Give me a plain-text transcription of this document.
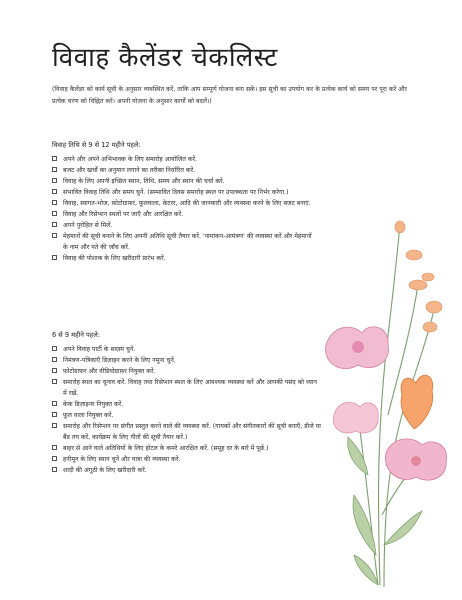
विवाह कैलेंडर चेकलिस्ट
(विवाह कैलेंडर को कार्य सूची के अनुसार व्यवस्थित करें, ताकि आप सम्पूर्ण योजना बना सकें। इस सूची का उपयोग कर के प्रत्येक कार्य को समय पर पूरा करें और प्रत्येक चरण को चिह्नित करें। अपनी योजना के अनुसार कार्यों को बदलें।)
विवाह तिथि से 9 से 12 महीने पहले:
अपने और अपने अभिभावक के लिए समारोह आयोजित करें.
बजट और खर्चों का अनुमान लगाने का तरीका निर्धारित करें.
विवाह के लिए अपनी इच्छित स्थान, तिथि, समय और स्थान की चर्चा करें.
संभावित विवाह तिथि और समय चुनें. (सम्भावित दिवस समारोह स्थल पर उपलब्धता पर निर्भर करेगा.)
विवाह, स्वागत-भोज, फ़ोटोग्राफ़र, फ़ूलवाला, केटरर, आदि की जानकारी और व्यवस्था करने के लिए बजट बनाएं.
विवाह और रिसेप्शन स्थलों पर जाएँ और आरक्षित करें.
अपने पुरोहित से मिलें.
मेहमानों की सूची बनाने के लिए अपनी अतिथि सूची तैयार करें. 'नामांकन-आमंत्रण' की व्यवस्था करें और मेहमानों के नाम और पते की जाँच करें.
विवाह की पोशाक के लिए खरीदारी प्रारंभ करें.
6 से 9 महीने पहले:
अपने विवाह पार्टी के सदस्य चुनें.
निमंत्रण-पत्रिकाएँ डिज़ाइन करने के लिए नमूना चुनें.
फ़ोटोग्राफ़र और वीडियोग्राफ़र नियुक्त करें.
समारोह स्थल का चुनाव करें. विवाह तथा रिसेप्शन स्थल के लिए आवश्यक व्यवस्था करें और आपकी पसंद को ध्यान में रखें.
केक डिज़ाइनर नियुक्त करें.
फ़ूल वाला नियुक्त करें.
समारोह और रिसेप्शन पर संगीत प्रस्तुत करने वाले की व्यवस्था करें. (गायकों और संगीतकारों की सूची बनाएँ, डीजे या बैंड तय करें, कार्यक्रम के लिए गीतों की सूची तैयार करें.)
बाहर से आने वाले अतिथियों के लिए होटल के कमरे आरक्षित करें. (समूह दर के बारे में पूछें.)
हनीमून के लिए स्थान चुनें और यात्रा की व्यवस्था करें.
शादी की अंगूठी के लिए खरीदारी करें.
